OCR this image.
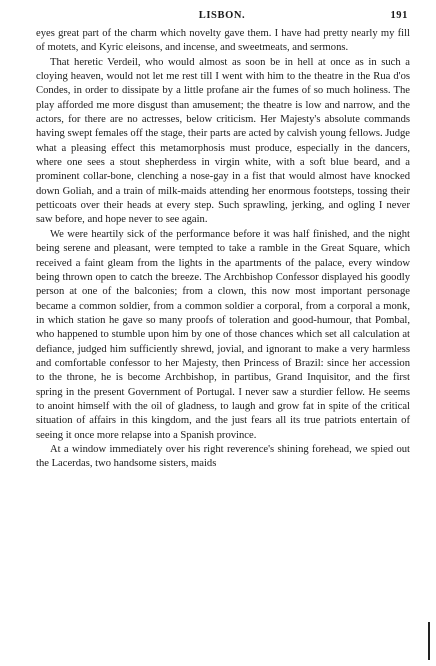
LISBON.	191

eyes great part of the charm which novelty gave them. I have had pretty nearly my fill of motets, and Kyric eleisons, and incense, and sweetmeats, and sermons.

That heretic Verdeil, who would almost as soon be in hell at once as in such a cloying heaven, would not let me rest till I went with him to the theatre in the Rua d'os Condes, in order to dissipate by a little profane air the fumes of so much holiness. The play afforded me more disgust than amusement; the theatre is low and narrow, and the actors, for there are no actresses, below criticism. Her Majesty's absolute commands having swept females off the stage, their parts are acted by calvish young fellows. Judge what a pleasing effect this metamorphosis must produce, especially in the dancers, where one sees a stout shepherdess in virgin white, with a soft blue beard, and a prominent collar-bone, clenching a nose-gay in a fist that would almost have knocked down Goliah, and a train of milk-maids attending her enormous footsteps, tossing their petticoats over their heads at every step. Such sprawling, jerking, and ogling I never saw before, and hope never to see again.

We were heartily sick of the performance before it was half finished, and the night being serene and pleasant, were tempted to take a ramble in the Great Square, which received a faint gleam from the lights in the apartments of the palace, every window being thrown open to catch the breeze. The Archbishop Confessor displayed his goodly person at one of the balconies; from a clown, this now most important personage became a common soldier, from a common soldier a corporal, from a corporal a monk, in which station he gave so many proofs of toleration and good-humour, that Pombal, who happened to stumble upon him by one of those chances which set all calculation at defiance, judged him sufficiently shrewd, jovial, and ignorant to make a very harmless and comfortable confessor to her Majesty, then Princess of Brazil: since her accession to the throne, he is become Archbishop, in partibus, Grand Inquisitor, and the first spring in the present Government of Portugal. I never saw a sturdier fellow. He seems to anoint himself with the oil of gladness, to laugh and grow fat in spite of the critical situation of affairs in this kingdom, and the just fears all its true patriots entertain of seeing it once more relapse into a Spanish province.

At a window immediately over his right reverence's shining forehead, we spied out the Lacerdas, two handsome sisters, maids
